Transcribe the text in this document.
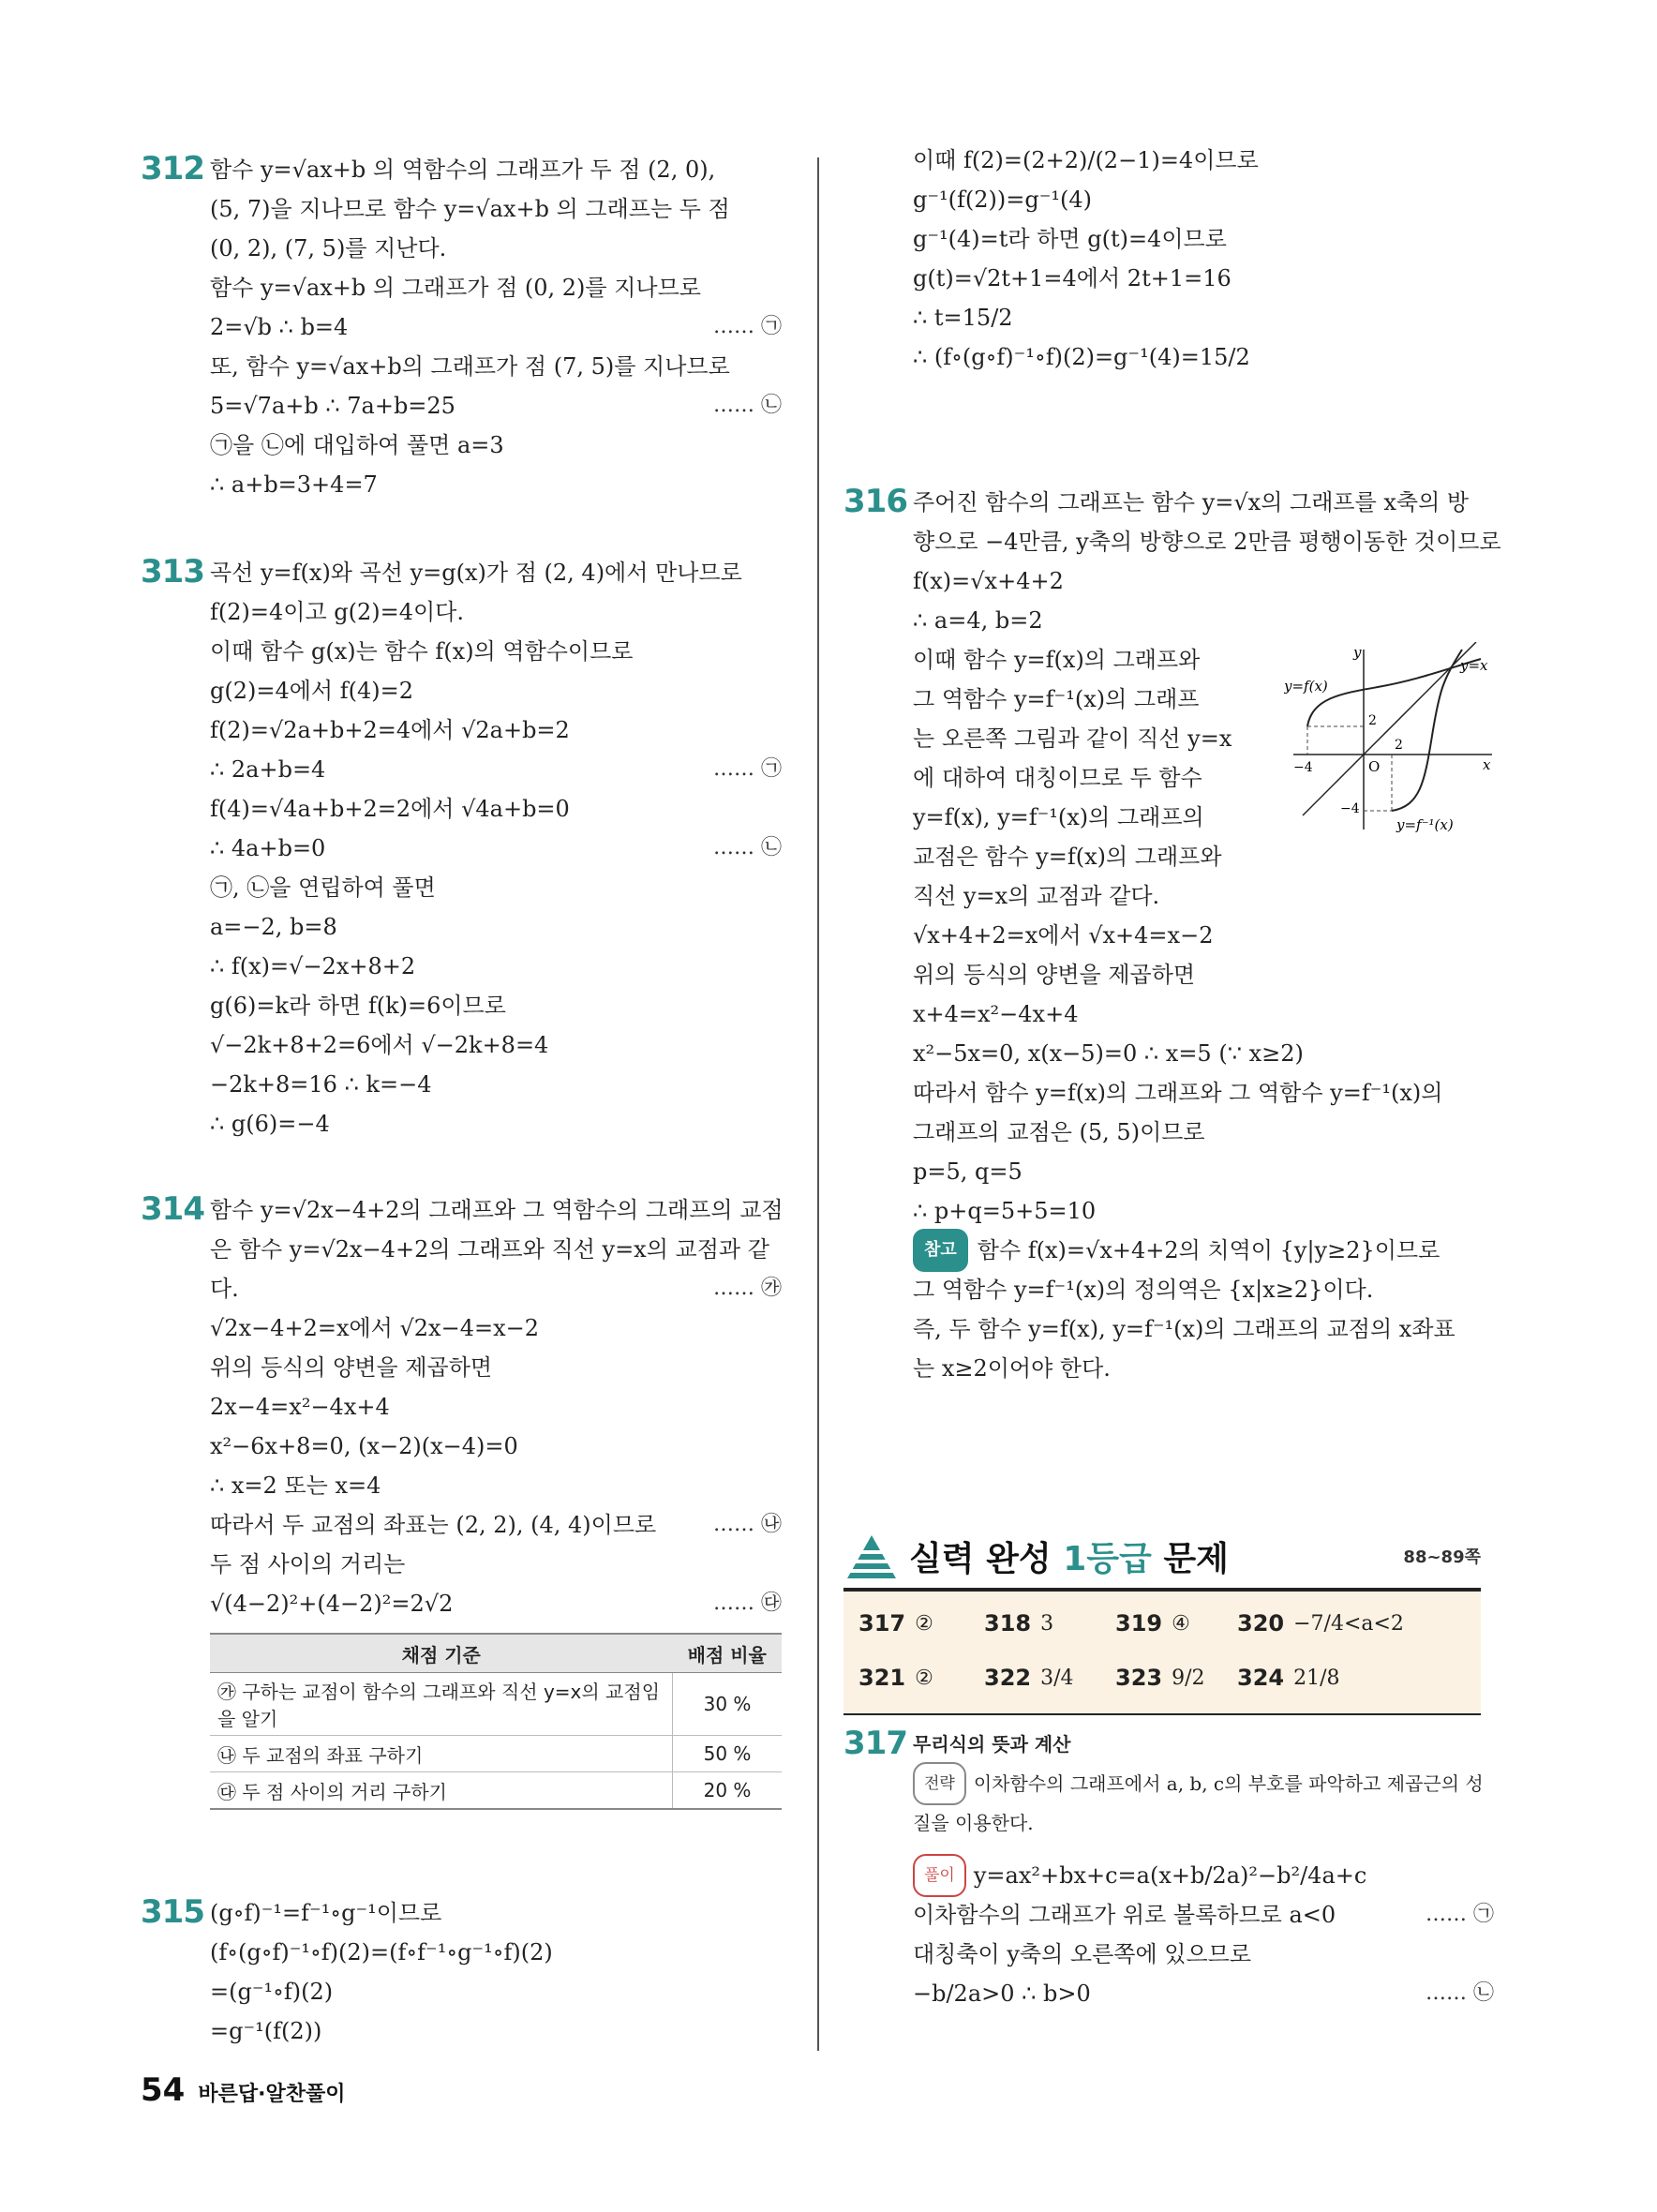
312 함수 y=√ax+b 의 역함수의 그래프가 두 점 (2, 0),
(5, 7)을 지나므로 함수 y=√ax+b 의 그래프는 두 점
(0, 2), (7, 5)를 지난다.
함수 y=√ax+b 의 그래프가 점 (0, 2)를 지나므로
2=√b ∴ b=4	…… ㉠
또, 함수 y=√ax+b의 그래프가 점 (7, 5)를 지나므로
5=√7a+b ∴ 7a+b=25	…… ㉡
㉠을 ㉡에 대입하여 풀면 a=3
∴ a+b=3+4=7
313 곡선 y=f(x)와 곡선 y=g(x)가 점 (2, 4)에서 만나므로
f(2)=4이고 g(2)=4이다.
이때 함수 g(x)는 함수 f(x)의 역함수이므로
g(2)=4에서 f(4)=2
f(2)=√2a+b+2=4에서 √2a+b=2
∴ 2a+b=4	…… ㉠
f(4)=√4a+b+2=2에서 √4a+b=0
∴ 4a+b=0	…… ㉡
㉠, ㉡을 연립하여 풀면
a=−2, b=8
∴ f(x)=√−2x+8+2
g(6)=k라 하면 f(k)=6이므로
√−2k+8+2=6에서 √−2k+8=4
−2k+8=16 ∴ k=−4
∴ g(6)=−4
314 함수 y=√2x−4+2의 그래프와 그 역함수의 그래프의 교점
은 함수 y=√2x−4+2의 그래프와 직선 y=x의 교점과 같
다.	…… ㉮
√2x−4+2=x에서 √2x−4=x−2
위의 등식의 양변을 제곱하면
2x−4=x²−4x+4
x²−6x+8=0, (x−2)(x−4)=0
∴ x=2 또는 x=4
따라서 두 교점의 좌표는 (2, 2), (4, 4)이므로	…… ㉯
두 점 사이의 거리는
√(4−2)²+(4−2)²=2√2	…… ㉰
채점 기준	배점 비율
㉮ 구하는 교점이 함수의 그래프와 직선 y=x의 교점임을 알기	30 %
㉯ 두 교점의 좌표 구하기	50 %
㉰ 두 점 사이의 거리 구하기	20 %
315 (g∘f)⁻¹=f⁻¹∘g⁻¹이므로
(f∘(g∘f)⁻¹∘f)(2)=(f∘f⁻¹∘g⁻¹∘f)(2)
=(g⁻¹∘f)(2)
=g⁻¹(f(2))
이때 f(2)=(2+2)/(2−1)=4이므로
g⁻¹(f(2))=g⁻¹(4)
g⁻¹(4)=t라 하면 g(t)=4이므로
g(t)=√2t+1=4에서 2t+1=16
∴ t=15/2
∴ (f∘(g∘f)⁻¹∘f)(2)=g⁻¹(4)=15/2
316 주어진 함수의 그래프는 함수 y=√x의 그래프를 x축의 방
향으로 −4만큼, y축의 방향으로 2만큼 평행이동한 것이므로
f(x)=√x+4+2
∴ a=4, b=2
이때 함수 y=f(x)의 그래프와
그 역함수 y=f⁻¹(x)의 그래프
는 오른쪽 그림과 같이 직선 y=x
에 대하여 대칭이므로 두 함수
y=f(x), y=f⁻¹(x)의 그래프의
교점은 함수 y=f(x)의 그래프와
직선 y=x의 교점과 같다.
√x+4+2=x에서 √x+4=x−2
위의 등식의 양변을 제곱하면
x+4=x²−4x+4
x²−5x=0, x(x−5)=0 ∴ x=5 (∵ x≥2)
따라서 함수 y=f(x)의 그래프와 그 역함수 y=f⁻¹(x)의
그래프의 교점은 (5, 5)이므로
p=5, q=5
∴ p+q=5+5=10
참고 함수 f(x)=√x+4+2의 치역이 {y|y≥2}이므로
그 역함수 y=f⁻¹(x)의 정의역은 {x|x≥2}이다.
즉, 두 함수 y=f(x), y=f⁻¹(x)의 그래프의 교점의 x좌표
는 x≥2이어야 한다.
y=f(x)
y=x
y=f⁻¹(x)
y
x
O
2
2
−4
−4
실력 완성 1등급 문제	88~89쪽
317 ② 318 3	319 ④ 320 −7/4<a<2
321 ② 322 3/4 323 9/2 324 21/8
317 무리식의 뜻과 계산
전략	이차함수의 그래프에서 a, b, c의 부호를 파악하고 제곱근의 성
질을 이용한다.
풀이 y=ax²+bx+c=a(x+b/2a)²−b²/4a+c
이차함수의 그래프가 위로 볼록하므로 a<0	…… ㉠
대칭축이 y축의 오른쪽에 있으므로
−b/2a>0 ∴ b>0	…… ㉡
54 바른답·알찬풀이
